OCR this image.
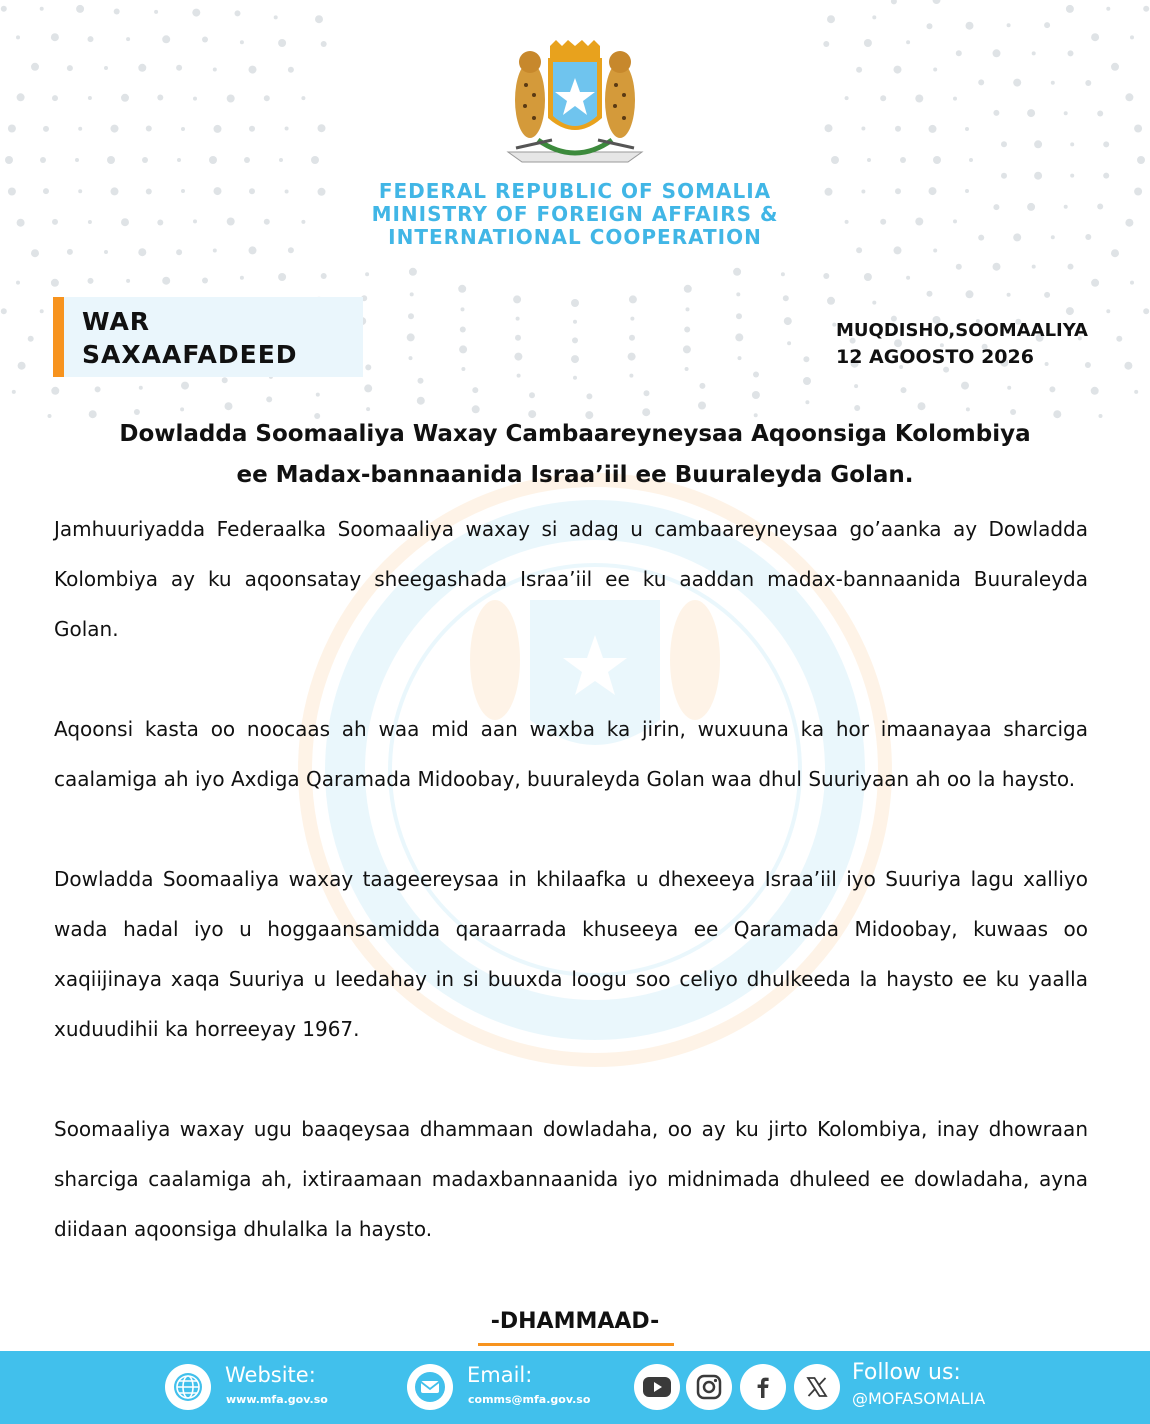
FEDERAL REPUBLIC OF SOMALIA
MINISTRY OF FOREIGN AFFAIRS &
INTERNATIONAL COOPERATION
WAR
SAXAAFADEED
MUQDISHO,SOOMAALIYA
12 AGOOSTO 2026
Dowladda Soomaaliya Waxay Cambaareyneysaa Aqoonsiga Kolombiya
ee Madax-bannaanida Israa’iil ee Buuraleyda Golan.

Jamhuuriyadda Federaalka Soomaaliya waxay si adag u cambaareyneysaa go’aanka ay Dowladda Kolombiya ay ku aqoonsatay sheegashada Israa’iil ee ku aaddan madax-bannaanida Buuraleyda Golan.

Aqoonsi kasta oo noocaas ah waa mid aan waxba ka jirin, wuxuuna ka hor imaanayaa sharciga caalamiga ah iyo Axdiga Qaramada Midoobay, buuraleyda Golan waa dhul Suuriyaan ah oo la haysto.

Dowladda Soomaaliya waxay taageereysaa in khilaafka u dhexeeya Israa’iil iyo Suuriya lagu xalliyo wada hadal iyo u hoggaansamidda qaraarrada khuseeya ee Qaramada Midoobay, kuwaas oo xaqiijinaya xaqa Suuriya u leedahay in si buuxda loogu soo celiyo dhulkeeda la haysto ee ku yaalla xuduudihii ka horreeyay 1967.

Soomaaliya waxay ugu baaqeysaa dhammaan dowladaha, oo ay ku jirto Kolombiya, inay dhowraan sharciga caalamiga ah, ixtiraamaan madaxbannaanida iyo midnimada dhuleed ee dowladaha, ayna diidaan aqoonsiga dhulalka la haysto.

-DHAMMAAD-
Website:
www.mfa.gov.so
Email:
comms@mfa.gov.so
Follow us:
@MOFASOMALIA
